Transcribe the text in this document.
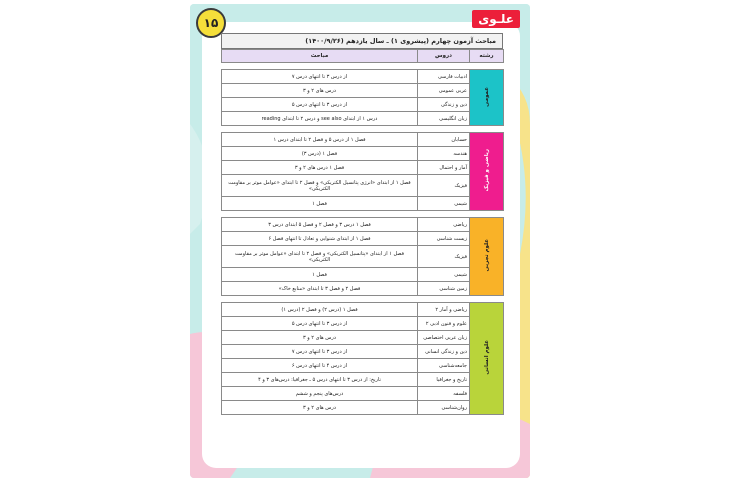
۱۵	علـوی
مباحث آزمون چهارم (پیشروی ۱) ـ سال یازدهم (۱۴۰۰/۹/۲۶)
رشته	دروس	مباحث

عمومی	ادبیات فارسی	از درس ۳ تا انتهای درس ۷
	عربی عمومی	درس های ۲ و ۳
	دین و زندگی	از درس ۳ تا انتهای درس ۵
	زبان انگلیسی	درس ۱ از ابتدای see also و درس ۲ تا ابتدای reading

ریاضی و فیزیک	حسابان	فصل ۱ از درس ۵ و فصل ۲ تا ابتدای درس ۱
	هندسه	فصل ۱ (درس ۳)
	آمار و احتمال	فصل ۱ درس های ۲ و ۳
	فیزیک	فصل ۱ از ابتدای «انرژی پتانسیل الکتریکی» و فصل ۲ تا ابتدای «عوامل موثر بر مقاومت الکتریکی»
	شیمی	فصل ۱

علوم تجربی	ریاضی	فصل ۱ درس ۳ و فصل ۲ و فصل ۵ ابتدای درس ۳
	زیست شناسی	فصل ۱ از ابتدای شنوایی و تعادل تا انتهای فصل ۶
	فیزیک	فصل ۱ از ابتدای «پتانسیل الکتریکی» و فصل ۲ تا ابتدای «عوامل موثر بر مقاومت الکتریکی»
	شیمی	فصل ۱
	زمین شناسی	فصل ۲ و فصل ۳ تا ابتدای «منابع خاک»

علوم انسانی	ریاضی و آمار ۲	فصل ۱ (درس ۲) و فصل ۲ (درس ۱)
	علوم و فنون ادبی ۲	از درس ۳ تا انتهای درس ۵
	زبان عربی اختصاصی	درس های ۲ و ۳
	دین و زندگی انسانی	از درس ۳ تا انتهای درس ۷
	جامعه‌شناسی	از درس ۴ تا انتهای درس ۶
	تاریخ و جغرافیا	تاریخ: از درس ۳ تا انتهای درس ۵ ـ جغرافیا: درس‌های ۳ و ۴
	فلسفه	درس‌های پنجم و ششم
	روان‌شناسی	درس های ۲ و ۳
